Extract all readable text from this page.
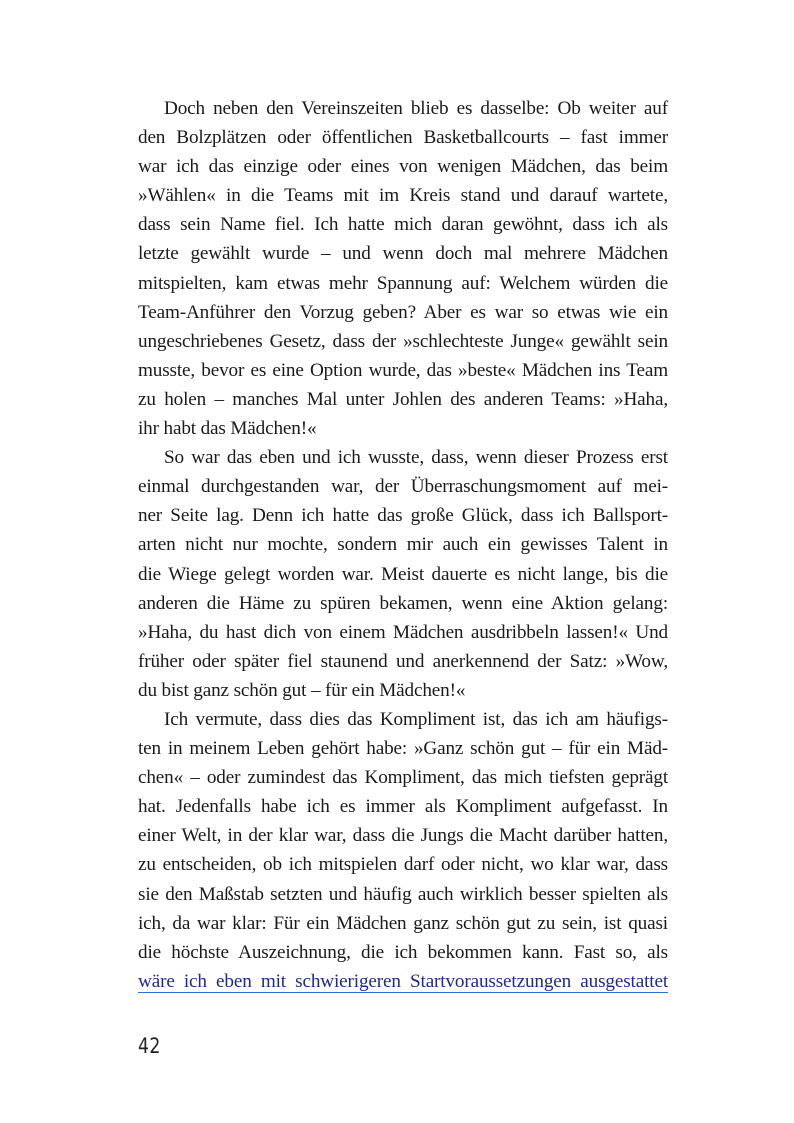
Doch neben den Vereinszeiten blieb es dasselbe: Ob weiter auf
den Bolzplätzen oder öffentlichen Basketballcourts – fast immer
war ich das einzige oder eines von wenigen Mädchen, das beim
»Wählen« in die Teams mit im Kreis stand und darauf wartete,
dass sein Name fiel. Ich hatte mich daran gewöhnt, dass ich als
letzte gewählt wurde – und wenn doch mal mehrere Mädchen
mitspielten, kam etwas mehr Spannung auf: Welchem würden die
Team-Anführer den Vorzug geben? Aber es war so etwas wie ein
ungeschriebenes Gesetz, dass der »schlechteste Junge« gewählt sein
musste, bevor es eine Option wurde, das »beste« Mädchen ins Team
zu holen – manches Mal unter Johlen des anderen Teams: »Haha,
ihr habt das Mädchen!«
So war das eben und ich wusste, dass, wenn dieser Prozess erst
einmal durchgestanden war, der Überraschungsmoment auf mei-
ner Seite lag. Denn ich hatte das große Glück, dass ich Ballsport-
arten nicht nur mochte, sondern mir auch ein gewisses Talent in
die Wiege gelegt worden war. Meist dauerte es nicht lange, bis die
anderen die Häme zu spüren bekamen, wenn eine Aktion gelang:
»Haha, du hast dich von einem Mädchen ausdribbeln lassen!« Und
früher oder später fiel staunend und anerkennend der Satz: »Wow,
du bist ganz schön gut – für ein Mädchen!«
Ich vermute, dass dies das Kompliment ist, das ich am häufigs-
ten in meinem Leben gehört habe: »Ganz schön gut – für ein Mäd-
chen« – oder zumindest das Kompliment, das mich tiefsten geprägt
hat. Jedenfalls habe ich es immer als Kompliment aufgefasst. In
einer Welt, in der klar war, dass die Jungs die Macht darüber hatten,
zu entscheiden, ob ich mitspielen darf oder nicht, wo klar war, dass
sie den Maßstab setzten und häufig auch wirklich besser spielten als
ich, da war klar: Für ein Mädchen ganz schön gut zu sein, ist quasi
die höchste Auszeichnung, die ich bekommen kann. Fast so, als
wäre ich eben mit schwierigeren Startvoraussetzungen ausgestattet
42
